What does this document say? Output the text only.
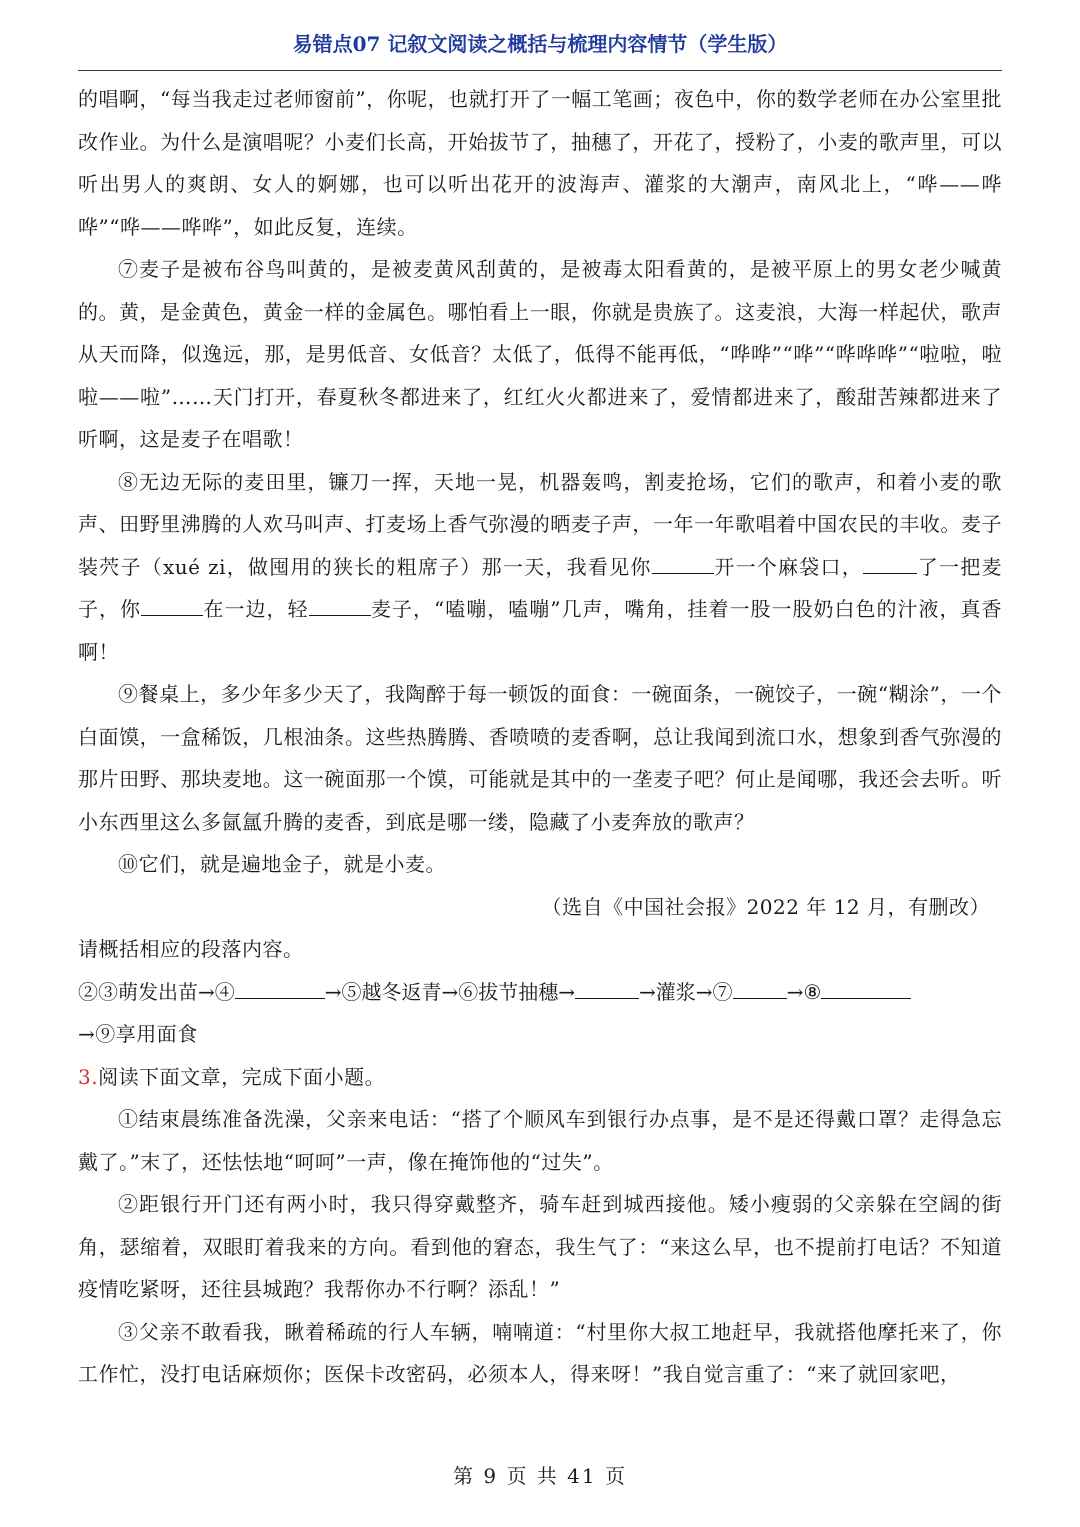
易错点07 记叙文阅读之概括与梳理内容情节（学生版）

的唱啊，“每当我走过老师窗前”，你呢，也就打开了一幅工笔画；夜色中，你的数学老师在办公室里批改作业。为什么是演唱呢？小麦们长高，开始拔节了，抽穗了，开花了，授粉了，小麦的歌声里，可以听出男人的爽朗、女人的婀娜，也可以听出花开的波海声、灌浆的大潮声，南风北上，“哗——哗哗”“哗——哗哗”，如此反复，连续。

⑦麦子是被布谷鸟叫黄的，是被麦黄风刮黄的，是被毒太阳看黄的，是被平原上的男女老少喊黄的。黄，是金黄色，黄金一样的金属色。哪怕看上一眼，你就是贵族了。这麦浪，大海一样起伏，歌声从天而降，似逸远，那，是男低音、女低音？太低了，低得不能再低，“哗哗”“哗”“哗哗哗”“啦啦，啦啦——啦”……天门打开，春夏秋冬都进来了，红红火火都进来了，爱情都进来了，酸甜苦辣都进来了听啊，这是麦子在唱歌！

⑧无边无际的麦田里，镰刀一挥，天地一晃，机器轰鸣，割麦抢场，它们的歌声，和着小麦的歌声、田野里沸腾的人欢马叫声、打麦场上香气弥漫的晒麦子声，一年一年歌唱着中国农民的丰收。麦子装茓子（xué zi，做囤用的狭长的粗席子）那一天，我看见你	开一个麻袋口，	了一把麦子，你	在一边，轻	麦子，“嗑嘣，嗑嘣”几声，嘴角，挂着一股一股奶白色的汁液，真香啊！

⑨餐桌上，多少年多少天了，我陶醉于每一顿饭的面食：一碗面条，一碗饺子，一碗“糊涂”，一个白面馍，一盒稀饭，几根油条。这些热腾腾、香喷喷的麦香啊，总让我闻到流口水，想象到香气弥漫的那片田野、那块麦地。这一碗面那一个馍，可能就是其中的一垄麦子吧？何止是闻哪，我还会去听。听小东西里这么多氤氲升腾的麦香，到底是哪一缕，隐藏了小麦奔放的歌声？

⑩它们，就是遍地金子，就是小麦。

（选自《中国社会报》2022 年 12 月，有删改）

请概括相应的段落内容。

②③萌发出苗→④	→⑤越冬返青→⑥拔节抽穗→	→灌浆→⑦	→⑧

→⑨享用面食

3.阅读下面文章，完成下面小题。

①结束晨练准备洗澡，父亲来电话：“搭了个顺风车到银行办点事，是不是还得戴口罩？走得急忘戴了。”末了，还怯怯地“呵呵”一声，像在掩饰他的“过失”。

②距银行开门还有两小时，我只得穿戴整齐，骑车赶到城西接他。矮小瘦弱的父亲躲在空阔的街角，瑟缩着，双眼盯着我来的方向。看到他的窘态，我生气了：“来这么早，也不提前打电话？不知道疫情吃紧呀，还往县城跑？我帮你办不行啊？添乱！”

③父亲不敢看我，瞅着稀疏的行人车辆，喃喃道：“村里你大叔工地赶早，我就搭他摩托来了，你工作忙，没打电话麻烦你；医保卡改密码，必须本人，得来呀！”我自觉言重了：“来了就回家吧，

第 9 页 共 41 页
